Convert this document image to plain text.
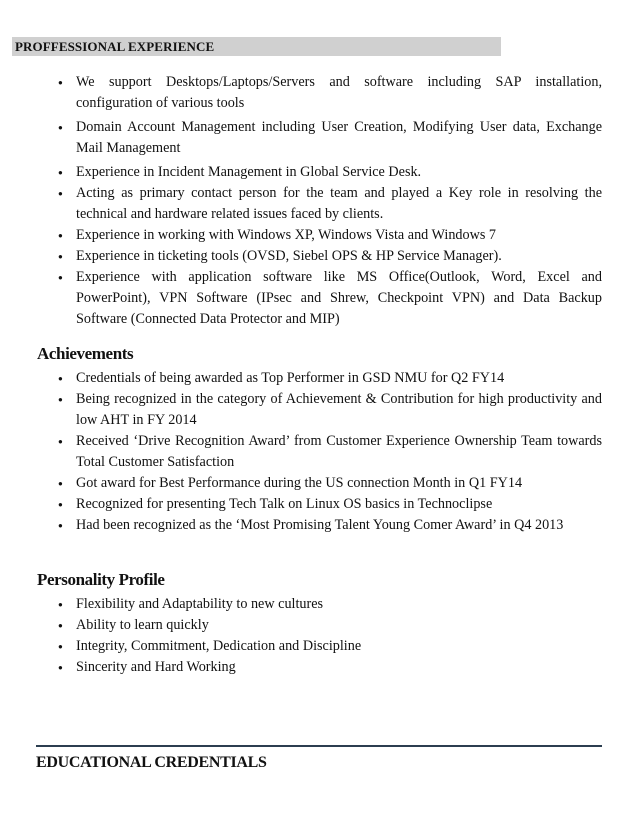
PROFFESSIONAL EXPERIENCE
● We support Desktops/Laptops/Servers and software including SAP installation, configuration of various tools
● Domain Account Management including User Creation, Modifying User data, Exchange Mail Management
● Experience in Incident Management in Global Service Desk.
● Acting as primary contact person for the team and played a Key role in resolving the technical and hardware related issues faced by clients.
● Experience in working with Windows XP, Windows Vista and Windows 7
● Experience in ticketing tools (OVSD, Siebel OPS & HP Service Manager).
● Experience with application software like MS Office(Outlook, Word, Excel and PowerPoint), VPN Software (IPsec and Shrew, Checkpoint VPN) and Data Backup Software (Connected Data Protector and MIP)
Achievements
● Credentials of being awarded as Top Performer in GSD NMU for Q2 FY14
● Being recognized in the category of Achievement & Contribution for high productivity and low AHT in FY 2014
● Received ‘Drive Recognition Award’ from Customer Experience Ownership Team towards Total Customer Satisfaction
● Got award for Best Performance during the US connection Month in Q1 FY14
● Recognized for presenting Tech Talk on Linux OS basics in Technoclipse
● Had been recognized as the ‘Most Promising Talent Young Comer Award’ in Q4 2013
Personality Profile
● Flexibility and Adaptability to new cultures
● Ability to learn quickly
● Integrity, Commitment, Dedication and Discipline
● Sincerity and Hard Working
EDUCATIONAL CREDENTIALS
